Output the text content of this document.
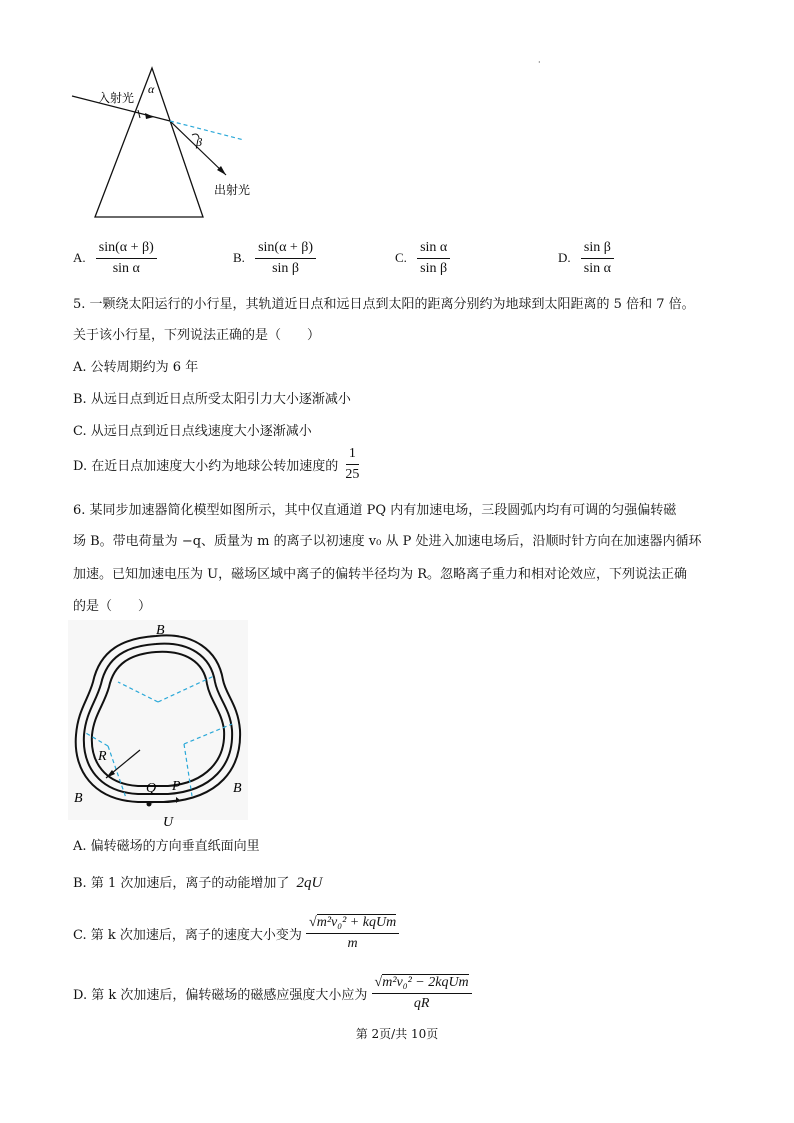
·
入射光
出射光
α
β
A. $\frac{\sin(\alpha + \beta)}{\text{sin α}}$	B. $\frac{\sin(\alpha + \beta)}{\text{sin β}}$	C. $\frac{\text{sin α}}{\text{sin β}}$	D. $\frac{\text{sin β}}{\text{sin α}}$
5. 一颗绕太阳运行的小行星，其轨道近日点和远日点到太阳的距离分别约为地球到太阳距离的 5 倍和 7 倍。
关于该小行星，下列说法正确的是（　　）
A. 公转周期约为 6 年
B. 从远日点到近日点所受太阳引力大小逐渐减小
C. 从远日点到近日点线速度大小逐渐减小
D. 在近日点加速度大小约为地球公转加速度的 $\frac{1}{25}$
6. 某同步加速器简化模型如图所示，其中仅直通道 PQ 内有加速电场，三段圆弧内均有可调的匀强偏转磁
场 B。带电荷量为 −q、质量为 m 的离子以初速度 v₀ 从 P 处进入加速电场后，沿顺时针方向在加速器内循环
加速。已知加速电压为 U，磁场区域中离子的偏转半径均为 R。忽略离子重力和相对论效应，下列说法正确
的是（　　）
B
B
B
R
Q P
U
A. 偏转磁场的方向垂直纸面向里
B. 第 1 次加速后，离子的动能增加了 2qU
C. 第 k 次加速后，离子的速度大小变为 $\frac{\text{√m²v₀² + kqUm}}{m}$
D. 第 k 次加速后，偏转磁场的磁感应强度大小应为 $\frac{\text{√m²v₀² − 2kqUm}}{qR}$
第 2页/共 10页
